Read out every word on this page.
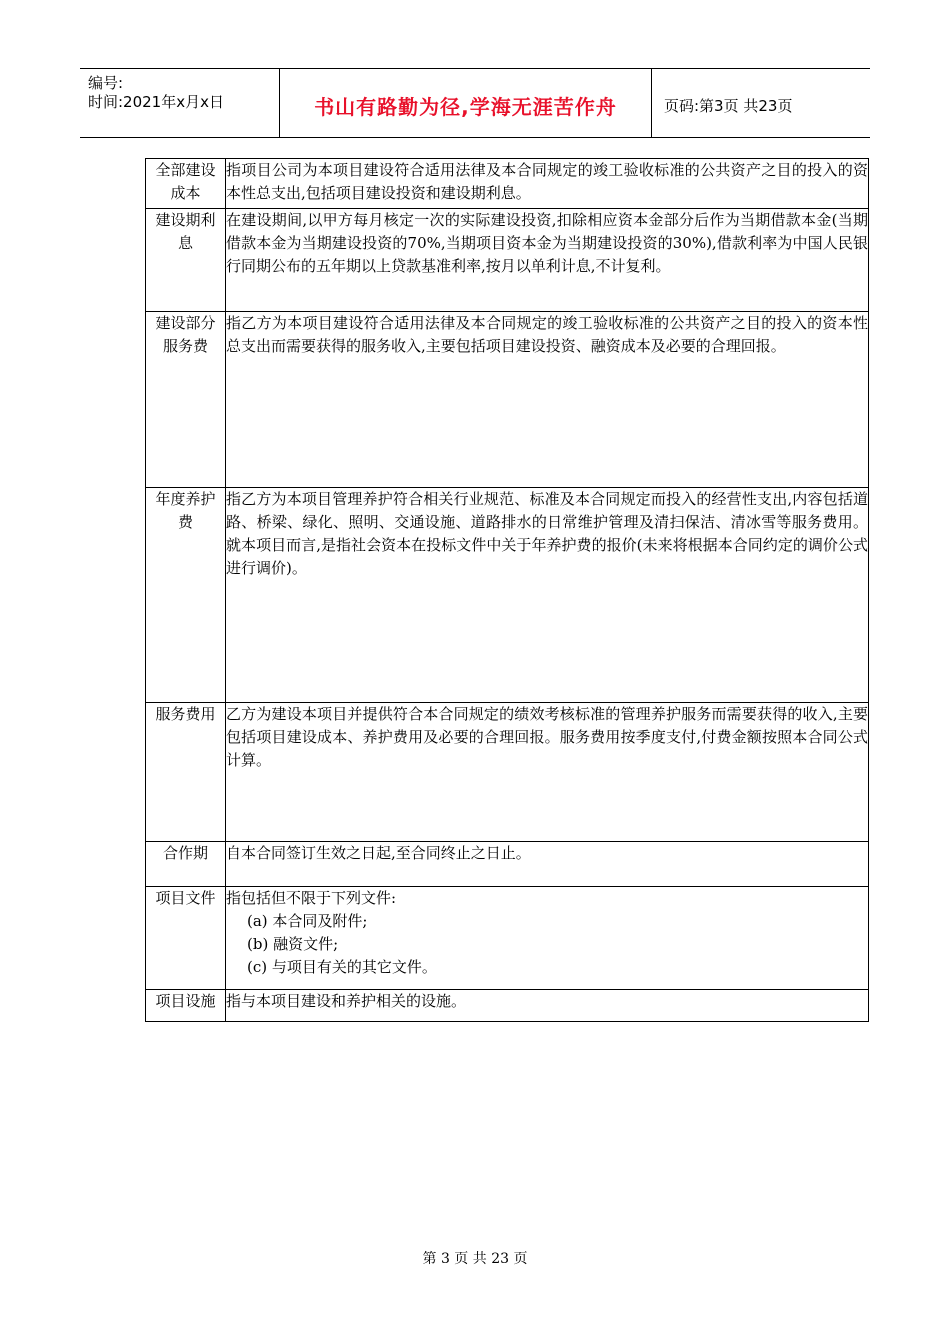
编号:
时间:2021年x月x日	书山有路勤为径,学海无涯苦作舟	页码:第3页 共23页
全部建设成本	指项目公司为本项目建设符合适用法律及本合同规定的竣工验收标准的公共资产之目的投入的资本性总支出,包括项目建设投资和建设期利息。

建设期利息	在建设期间,以甲方每月核定一次的实际建设投资,扣除相应资本金部分后作为当期借款本金(当期借款本金为当期建设投资的70%,当期项目资本金为当期建设投资的30%),借款利率为中国人民银行同期公布的五年期以上贷款基准利率,按月以单利计息,不计复利。

建设部分服务费	指乙方为本项目建设符合适用法律及本合同规定的竣工验收标准的公共资产之目的投入的资本性总支出而需要获得的服务收入,主要包括项目建设投资、融资成本及必要的合理回报。

年度养护费	指乙方为本项目管理养护符合相关行业规范、标准及本合同规定而投入的经营性支出,内容包括道路、桥梁、绿化、照明、交通设施、道路排水的日常维护管理及清扫保洁、清冰雪等服务费用。就本项目而言,是指社会资本在投标文件中关于年养护费的报价(未来将根据本合同约定的调价公式进行调价)。

服务费用	乙方为建设本项目并提供符合本合同规定的绩效考核标准的管理养护服务而需要获得的收入,主要包括项目建设成本、养护费用及必要的合理回报。服务费用按季度支付,付费金额按照本合同公式计算。

合作期	自本合同签订生效之日起,至合同终止之日止。

项目文件	指包括但不限于下列文件:
(a) 本合同及附件;
(b) 融资文件;
(c) 与项目有关的其它文件。

项目设施	指与本项目建设和养护相关的设施。
第 3 页 共 23 页
